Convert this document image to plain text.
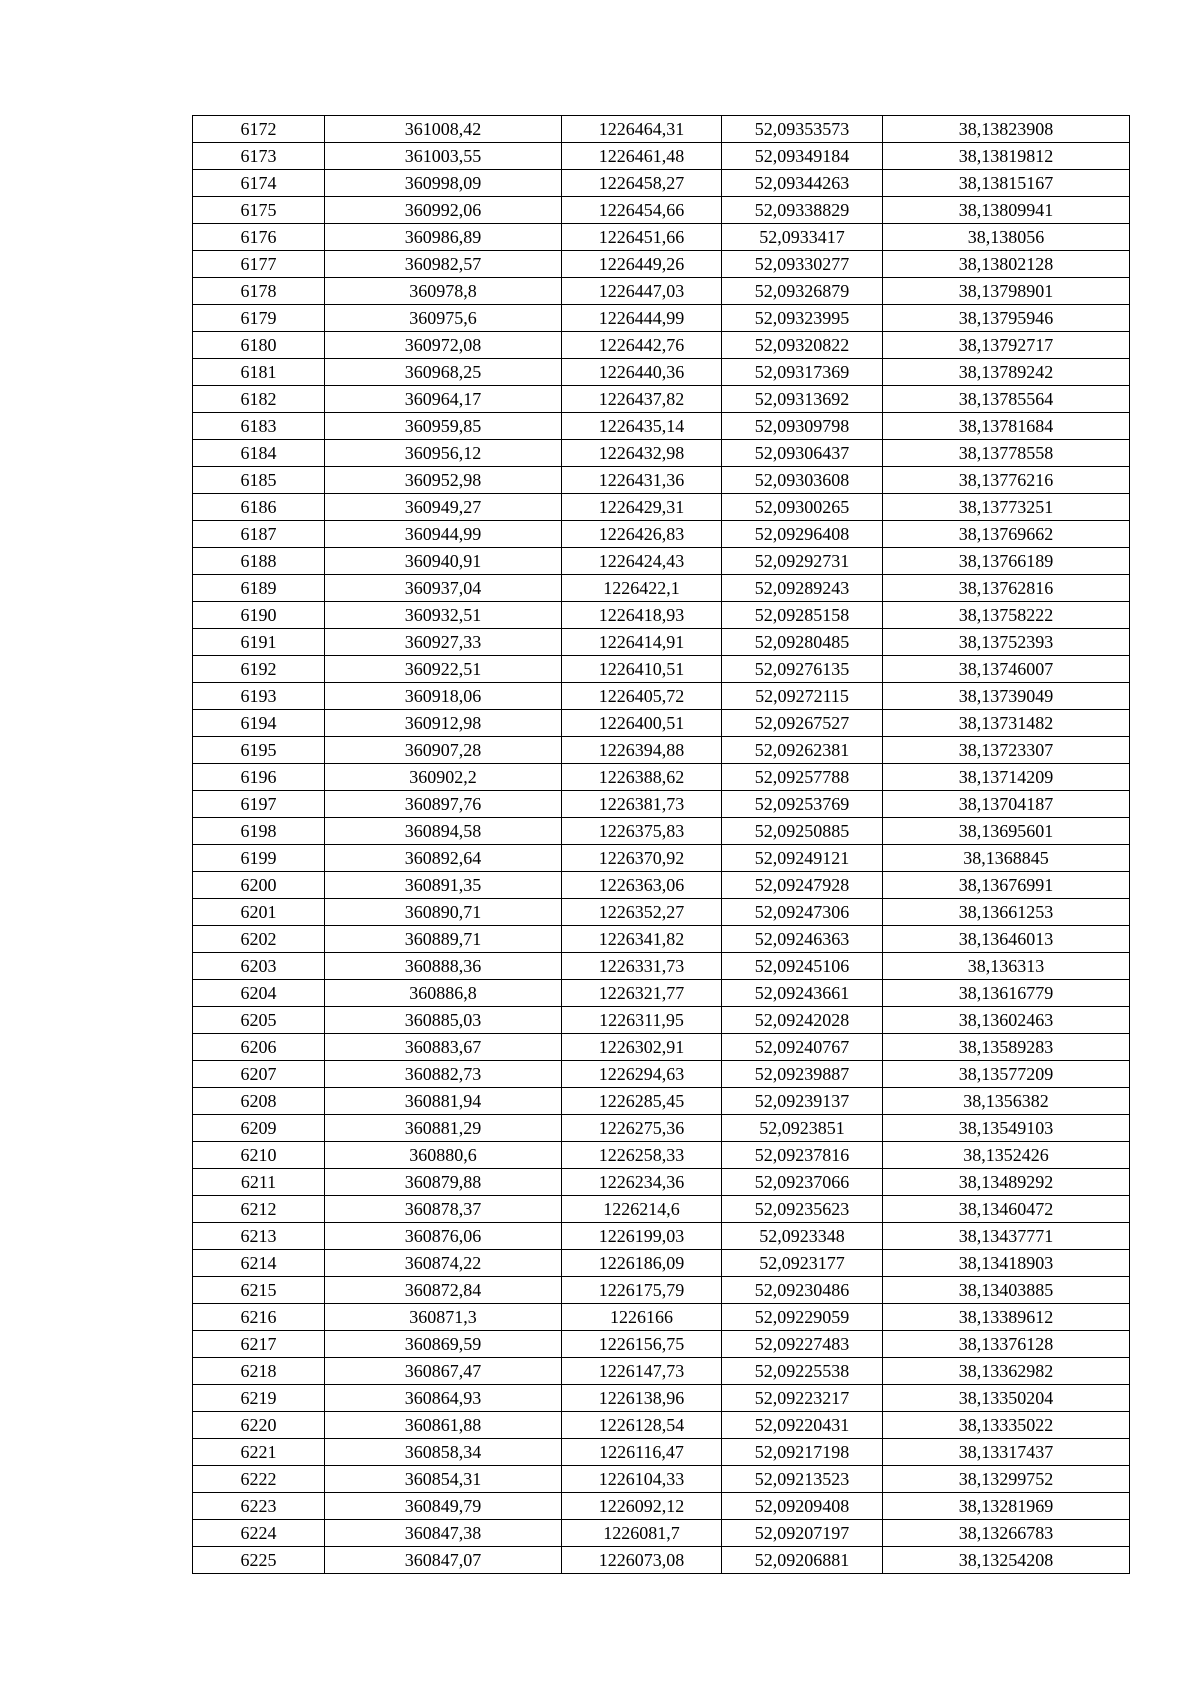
6172	361008,42	1226464,31	52,09353573	38,13823908
6173	361003,55	1226461,48	52,09349184	38,13819812
6174	360998,09	1226458,27	52,09344263	38,13815167
6175	360992,06	1226454,66	52,09338829	38,13809941
6176	360986,89	1226451,66	52,0933417	38,138056
6177	360982,57	1226449,26	52,09330277	38,13802128
6178	360978,8	1226447,03	52,09326879	38,13798901
6179	360975,6	1226444,99	52,09323995	38,13795946
6180	360972,08	1226442,76	52,09320822	38,13792717
6181	360968,25	1226440,36	52,09317369	38,13789242
6182	360964,17	1226437,82	52,09313692	38,13785564
6183	360959,85	1226435,14	52,09309798	38,13781684
6184	360956,12	1226432,98	52,09306437	38,13778558
6185	360952,98	1226431,36	52,09303608	38,13776216
6186	360949,27	1226429,31	52,09300265	38,13773251
6187	360944,99	1226426,83	52,09296408	38,13769662
6188	360940,91	1226424,43	52,09292731	38,13766189
6189	360937,04	1226422,1	52,09289243	38,13762816
6190	360932,51	1226418,93	52,09285158	38,13758222
6191	360927,33	1226414,91	52,09280485	38,13752393
6192	360922,51	1226410,51	52,09276135	38,13746007
6193	360918,06	1226405,72	52,09272115	38,13739049
6194	360912,98	1226400,51	52,09267527	38,13731482
6195	360907,28	1226394,88	52,09262381	38,13723307
6196	360902,2	1226388,62	52,09257788	38,13714209
6197	360897,76	1226381,73	52,09253769	38,13704187
6198	360894,58	1226375,83	52,09250885	38,13695601
6199	360892,64	1226370,92	52,09249121	38,1368845
6200	360891,35	1226363,06	52,09247928	38,13676991
6201	360890,71	1226352,27	52,09247306	38,13661253
6202	360889,71	1226341,82	52,09246363	38,13646013
6203	360888,36	1226331,73	52,09245106	38,136313
6204	360886,8	1226321,77	52,09243661	38,13616779
6205	360885,03	1226311,95	52,09242028	38,13602463
6206	360883,67	1226302,91	52,09240767	38,13589283
6207	360882,73	1226294,63	52,09239887	38,13577209
6208	360881,94	1226285,45	52,09239137	38,1356382
6209	360881,29	1226275,36	52,0923851	38,13549103
6210	360880,6	1226258,33	52,09237816	38,1352426
6211	360879,88	1226234,36	52,09237066	38,13489292
6212	360878,37	1226214,6	52,09235623	38,13460472
6213	360876,06	1226199,03	52,0923348	38,13437771
6214	360874,22	1226186,09	52,0923177	38,13418903
6215	360872,84	1226175,79	52,09230486	38,13403885
6216	360871,3	1226166	52,09229059	38,13389612
6217	360869,59	1226156,75	52,09227483	38,13376128
6218	360867,47	1226147,73	52,09225538	38,13362982
6219	360864,93	1226138,96	52,09223217	38,13350204
6220	360861,88	1226128,54	52,09220431	38,13335022
6221	360858,34	1226116,47	52,09217198	38,13317437
6222	360854,31	1226104,33	52,09213523	38,13299752
6223	360849,79	1226092,12	52,09209408	38,13281969
6224	360847,38	1226081,7	52,09207197	38,13266783
6225	360847,07	1226073,08	52,09206881	38,13254208
